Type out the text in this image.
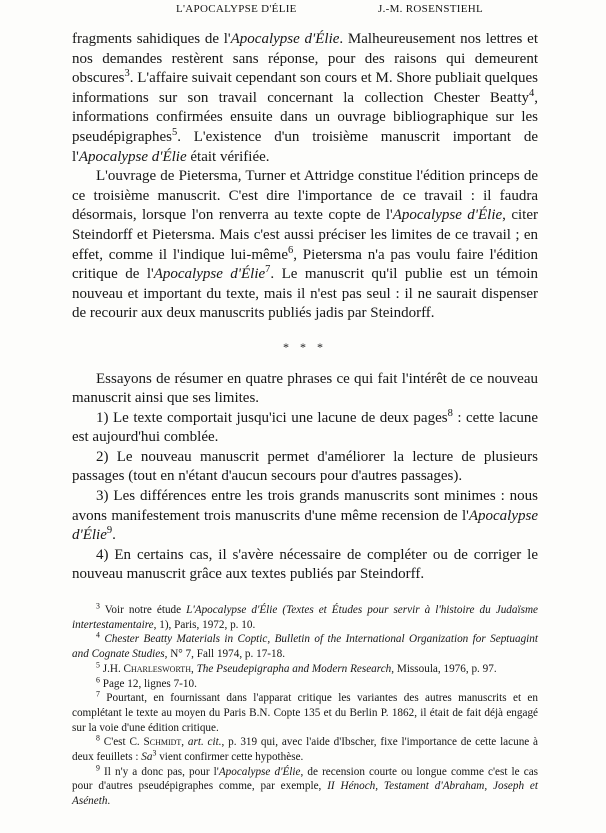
L'APOCALYPSE D'ÉLIE	J.-M. ROSENSTIEHL

fragments sahidiques de l'Apocalypse d'Élie. Malheureusement nos lettres et nos demandes restèrent sans réponse, pour des raisons qui demeurent obscures$^3$. L'affaire suivait cependant son cours et M. Shore publiait quelques informations sur son travail concernant la collection Chester Beatty$^4$, informations confirmées ensuite dans un ouvrage bibliographique sur les pseudépigraphes$^5$. L'existence d'un troisième manuscrit important de l'Apocalypse d'Élie était vérifiée.

L'ouvrage de Pietersma, Turner et Attridge constitue l'édition princeps de ce troisième manuscrit. C'est dire l'importance de ce travail : il faudra désormais, lorsque l'on renverra au texte copte de l'Apocalypse d'Élie, citer Steindorff et Pietersma. Mais c'est aussi préciser les limites de ce travail ; en effet, comme il l'indique lui-même$^6$, Pietersma n'a pas voulu faire l'édition critique de l'Apocalypse d'Élie$^7$. Le manuscrit qu'il publie est un témoin nouveau et important du texte, mais il n'est pas seul : il ne saurait dispenser de recourir aux deux manuscrits publiés jadis par Steindorff.

* * *

Essayons de résumer en quatre phrases ce qui fait l'intérêt de ce nouveau manuscrit ainsi que ses limites.

1) Le texte comportait jusqu'ici une lacune de deux pages$^8$ : cette lacune est aujourd'hui comblée.

2) Le nouveau manuscrit permet d'améliorer la lecture de plusieurs passages (tout en n'étant d'aucun secours pour d'autres passages).

3) Les différences entre les trois grands manuscrits sont minimes : nous avons manifestement trois manuscrits d'une même recension de l'Apocalypse d'Élie$^9$.

4) En certains cas, il s'avère nécessaire de compléter ou de corriger le nouveau manuscrit grâce aux textes publiés par Steindorff.

$^3$ Voir notre étude L'Apocalypse d'Élie (Textes et Études pour servir à l'histoire du Judaïsme intertestamentaire, 1), Paris, 1972, p. 10.

$^4$ Chester Beatty Materials in Coptic, Bulletin of the International Organization for Septuagint and Cognate Studies, N° 7, Fall 1974, p. 17-18.

$^5$ J.H. Charlesworth, The Pseudepigrapha and Modern Research, Missoula, 1976, p. 97.

$^6$ Page 12, lignes 7-10.

$^7$ Pourtant, en fournissant dans l'apparat critique les variantes des autres manuscrits et en complétant le texte au moyen du Paris B.N. Copte 135 et du Berlin P. 1862, il était de fait déjà engagé sur la voie d'une édition critique.

$^8$ C'est C. Schmidt, art. cit., p. 319 qui, avec l'aide d'Ibscher, fixe l'importance de cette lacune à deux feuillets : Sa$^3$ vient confirmer cette hypothèse.

$^9$ Il n'y a donc pas, pour l'Apocalypse d'Élie, de recension courte ou longue comme c'est le cas pour d'autres pseudépigraphes comme, par exemple, II Hénoch, Testament d'Abraham, Joseph et Aséneth.
